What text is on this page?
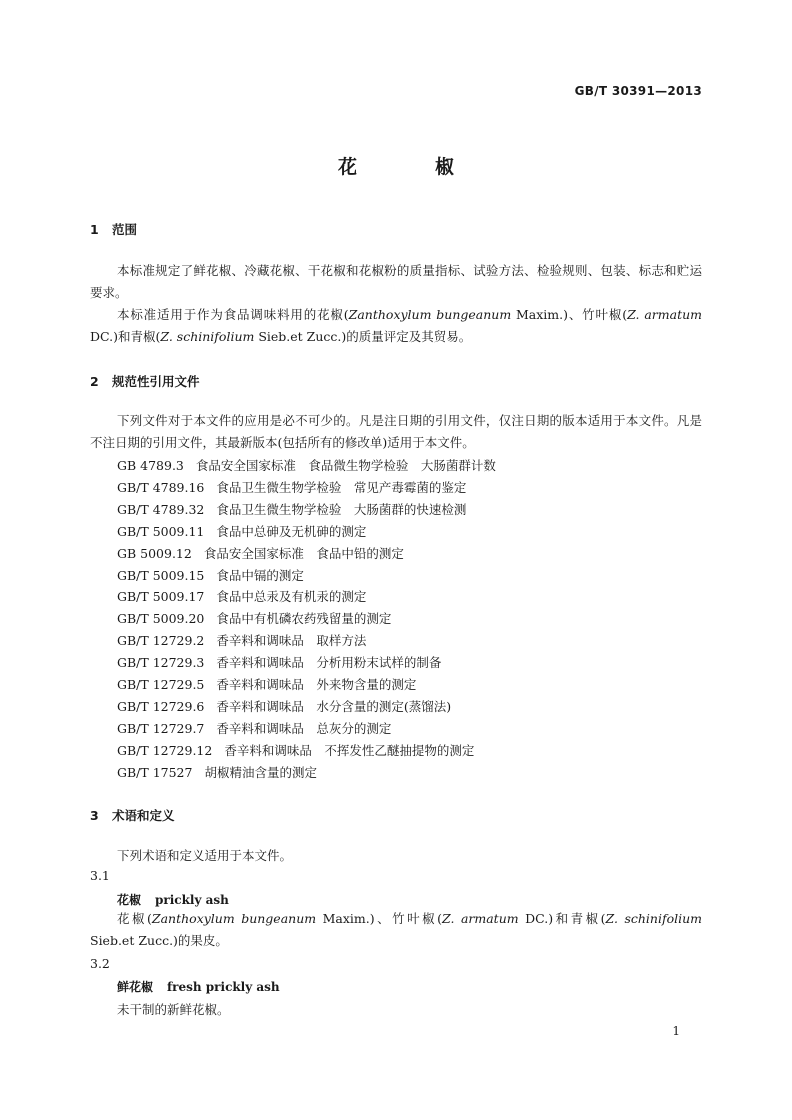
GB/T 30391—2013
花	椒
1 范围
本标准规定了鲜花椒、冷藏花椒、干花椒和花椒粉的质量指标、试验方法、检验规则、包装、标志和贮运要求。
本标准适用于作为食品调味料用的花椒(Zanthoxylum bungeanum Maxim.)、竹叶椒(Z. armatum DC.)和青椒(Z. schinifolium Sieb.et Zucc.)的质量评定及其贸易。
2 规范性引用文件
下列文件对于本文件的应用是必不可少的。凡是注日期的引用文件，仅注日期的版本适用于本文件。凡是不注日期的引用文件，其最新版本(包括所有的修改单)适用于本文件。
GB 4789.3 食品安全国家标准　食品微生物学检验　大肠菌群计数
GB/T 4789.16 食品卫生微生物学检验　常见产毒霉菌的鉴定
GB/T 4789.32 食品卫生微生物学检验　大肠菌群的快速检测
GB/T 5009.11 食品中总砷及无机砷的测定
GB 5009.12 食品安全国家标准　食品中铅的测定
GB/T 5009.15 食品中镉的测定
GB/T 5009.17 食品中总汞及有机汞的测定
GB/T 5009.20 食品中有机磷农药残留量的测定
GB/T 12729.2 香辛料和调味品　取样方法
GB/T 12729.3 香辛料和调味品　分析用粉末试样的制备
GB/T 12729.5 香辛料和调味品　外来物含量的测定
GB/T 12729.6 香辛料和调味品　水分含量的测定(蒸馏法)
GB/T 12729.7 香辛料和调味品　总灰分的测定
GB/T 12729.12 香辛料和调味品　不挥发性乙醚抽提物的测定
GB/T 17527 胡椒精油含量的测定
3 术语和定义
下列术语和定义适用于本文件。
3.1
花椒 prickly ash
花椒(Zanthoxylum bungeanum Maxim.)、竹叶椒(Z. armatum DC.)和青椒(Z. schinifolium Sieb.et Zucc.)的果皮。
3.2
鲜花椒 fresh prickly ash
未干制的新鲜花椒。
1
